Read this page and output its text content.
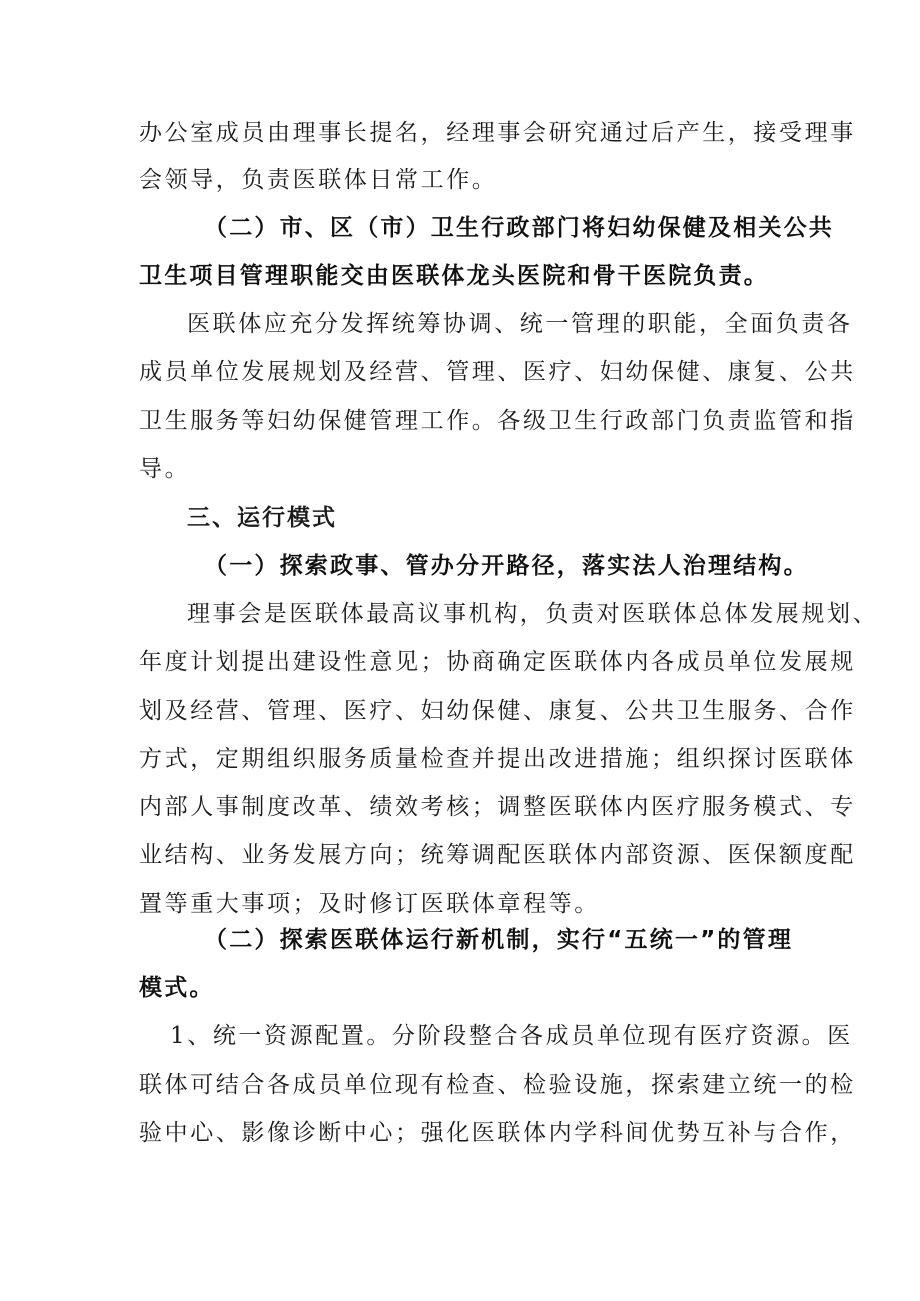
办公室成员由理事长提名，经理事会研究通过后产生，接受理事
会领导，负责医联体日常工作。
（二）市、区（市）卫生行政部门将妇幼保健及相关公共
卫生项目管理职能交由医联体龙头医院和骨干医院负责。
医联体应充分发挥统筹协调、统一管理的职能，全面负责各
成员单位发展规划及经营、管理、医疗、妇幼保健、康复、公共
卫生服务等妇幼保健管理工作。各级卫生行政部门负责监管和指
导。
三、运行模式
（一）探索政事、管办分开路径，落实法人治理结构。
理事会是医联体最高议事机构，负责对医联体总体发展规划、
年度计划提出建设性意见；协商确定医联体内各成员单位发展规
划及经营、管理、医疗、妇幼保健、康复、公共卫生服务、合作
方式，定期组织服务质量检查并提出改进措施；组织探讨医联体
内部人事制度改革、绩效考核；调整医联体内医疗服务模式、专
业结构、业务发展方向；统筹调配医联体内部资源、医保额度配
置等重大事项；及时修订医联体章程等。
（二）探索医联体运行新机制，实行“五统一”的管理
模式。
1、统一资源配置。分阶段整合各成员单位现有医疗资源。医
联体可结合各成员单位现有检查、检验设施，探索建立统一的检
验中心、影像诊断中心；强化医联体内学科间优势互补与合作，
